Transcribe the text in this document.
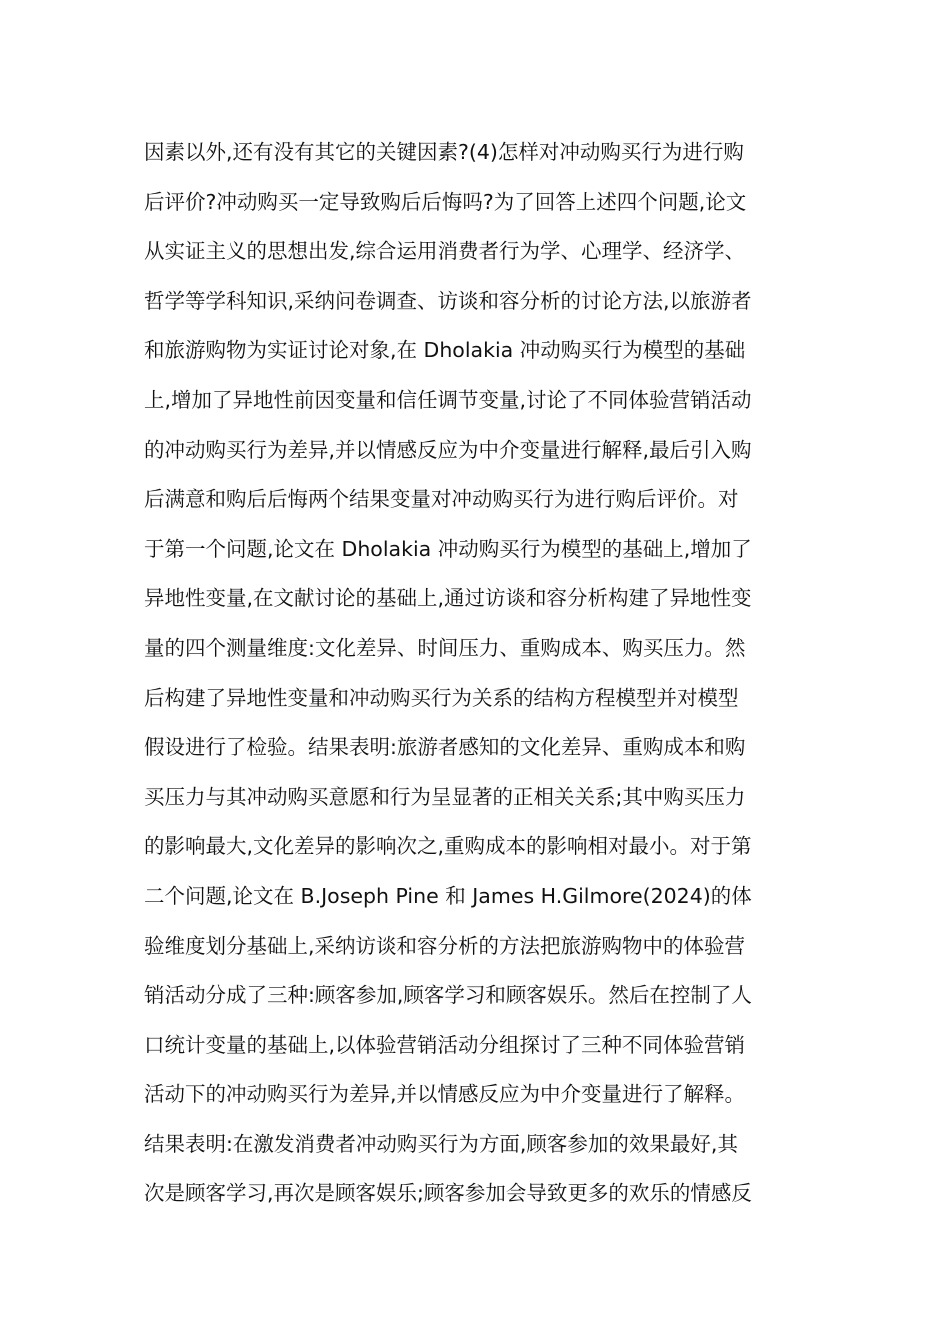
因素以外,还有没有其它的关键因素?(4)怎样对冲动购买行为进行购
后评价?冲动购买一定导致购后后悔吗?为了回答上述四个问题,论文
从实证主义的思想出发,综合运用消费者行为学、心理学、经济学、
哲学等学科知识,采纳问卷调查、访谈和容分析的讨论方法,以旅游者
和旅游购物为实证讨论对象,在 Dholakia 冲动购买行为模型的基础
上,增加了异地性前因变量和信任调节变量,讨论了不同体验营销活动
的冲动购买行为差异,并以情感反应为中介变量进行解释,最后引入购
后满意和购后后悔两个结果变量对冲动购买行为进行购后评价。对
于第一个问题,论文在 Dholakia 冲动购买行为模型的基础上,增加了
异地性变量,在文献讨论的基础上,通过访谈和容分析构建了异地性变
量的四个测量维度:文化差异、时间压力、重购成本、购买压力。然
后构建了异地性变量和冲动购买行为关系的结构方程模型并对模型
假设进行了检验。结果表明:旅游者感知的文化差异、重购成本和购
买压力与其冲动购买意愿和行为呈显著的正相关关系;其中购买压力
的影响最大,文化差异的影响次之,重购成本的影响相对最小。对于第
二个问题,论文在 B.Joseph Pine 和 James H.Gilmore(2024)的体
验维度划分基础上,采纳访谈和容分析的方法把旅游购物中的体验营
销活动分成了三种:顾客参加,顾客学习和顾客娱乐。然后在控制了人
口统计变量的基础上,以体验营销活动分组探讨了三种不同体验营销
活动下的冲动购买行为差异,并以情感反应为中介变量进行了解释。
结果表明:在激发消费者冲动购买行为方面,顾客参加的效果最好,其
次是顾客学习,再次是顾客娱乐;顾客参加会导致更多的欢乐的情感反
